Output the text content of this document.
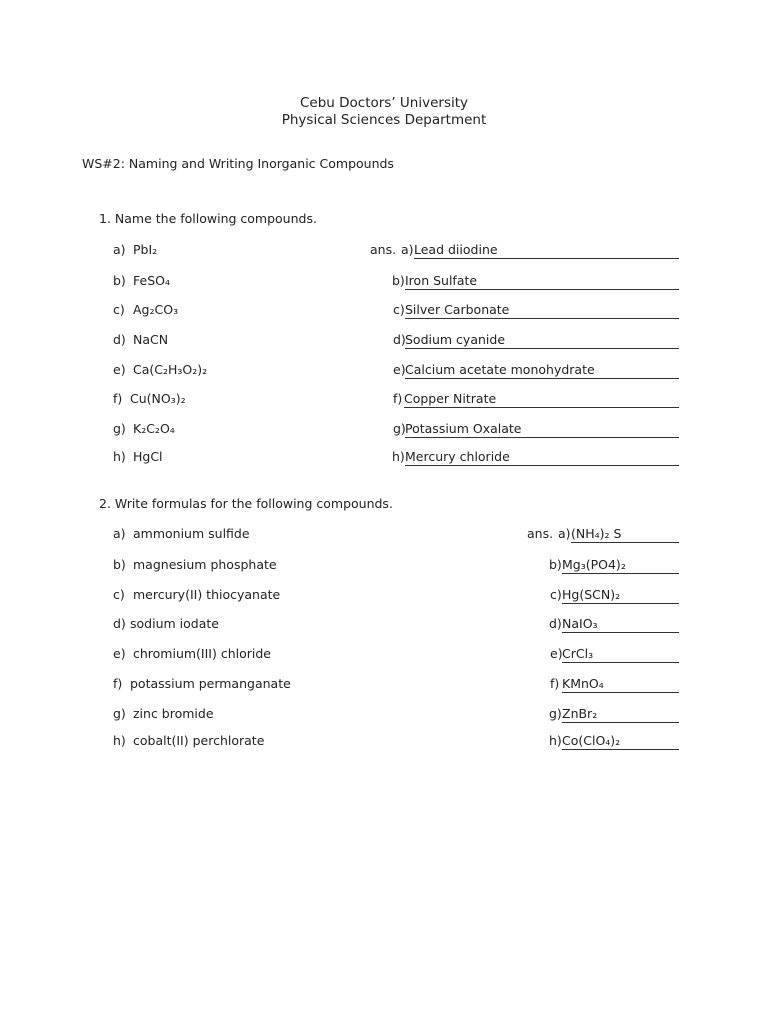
Cebu Doctors’ University
Physical Sciences Department
WS#2: Naming and Writing Inorganic Compounds
1. Name the following compounds.
a) PbI₂	ans. a) Lead diiodine
b) FeSO₄	b) Iron Sulfate
c) Ag₂CO₃	c) Silver Carbonate
d) NaCN	d) Sodium cyanide
e) Ca(C₂H₃O₂)₂	e) Calcium acetate monohydrate
f) Cu(NO₃)₂	f) Copper Nitrate
g) K₂C₂O₄	g) Potassium Oxalate
h) HgCl	h) Mercury chloride
2. Write formulas for the following compounds.
a) ammonium sulfide	ans. a) (NH₄)₂ S
b) magnesium phosphate	b) Mg₃(PO4)₂
c) mercury(II) thiocyanate	c) Hg(SCN)₂
d) sodium iodate	d) NaIO₃
e) chromium(III) chloride	e) CrCl₃
f) potassium permanganate	f) KMnO₄
g) zinc bromide	g) ZnBr₂
h) cobalt(II) perchlorate	h) Co(ClO₄)₂
